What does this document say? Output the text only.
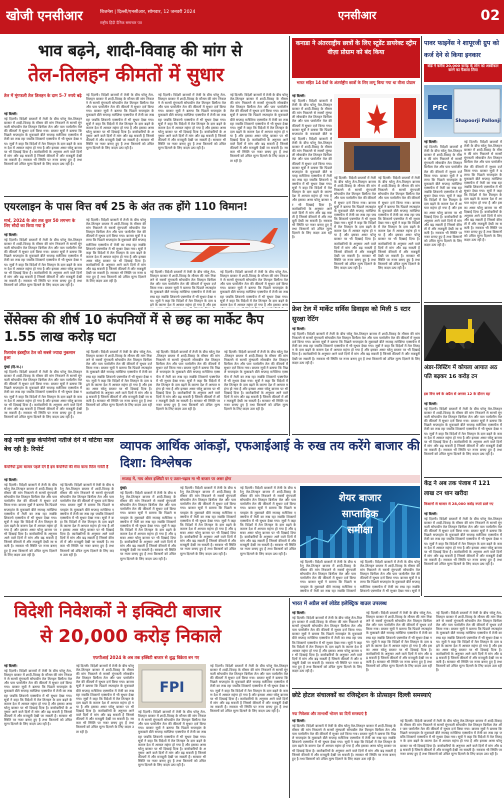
खोजी एनसीआर	बिजनेस | दिल्ली/एनसीआर, सोमवार, 12 जनवरी 2024
राष्ट्रीय हिंदी दैनिक समाचार पत्र
एनसीआर	02
भाव बढ़ने, शादी-विवाह की मांग से
तेल-तिलहन कीमतों में सुधार
तेल में मूंगफली तेल तिलहन के दाम 5-7 रुपये बढ़े
नई दिल्ली।
नई दिल्ली। विदेशी बाजारों में तेजी के बीच घरेलू तेल-तिलहन बाजार में शादी-विवाह के मौसम की मांग निकलने से सरसों मूंगफली सोयाबीन तेल तिलहन बिनौला तेल और पाम पामोलीन तेल की कीमतों में सुधार दर्ज किया गया। बाजार सूत्रों ने बताया कि पिछले सप्ताहांत के मुकाबले बीते सप्ताह मलेशिया एक्सचेंज में तेजी का रुख रहा जबकि शिकागो एक्सचेंज में भी सुधार देखा गया। सूत्रों ने कहा कि विदेशों में तेल तिलहन के दाम बढ़ने के कारण देश में आयात महंगा हो गया है और इसका असर घरेलू बाजार पर भी दिखाई दिया है। कारोबारियों के अनुसार आने वाले दिनों में मांग और बढ़ सकती है जिससे कीमतों में और मजबूती देखी जा सकती है। सरकार भी स्थिति पर नजर बनाए हुए है तथा किसानों को उचित मूल्य दिलाने के लिए कदम उठा रही है।
नई दिल्ली। विदेशी बाजारों में तेजी के बीच घरेलू तेल-तिलहन बाजार में शादी-विवाह के मौसम की मांग निकलने से सरसों मूंगफली सोयाबीन तेल तिलहन बिनौला तेल और पाम पामोलीन तेल की कीमतों में सुधार दर्ज किया गया। बाजार सूत्रों ने बताया कि पिछले सप्ताहांत के मुकाबले बीते सप्ताह मलेशिया एक्सचेंज में तेजी का रुख रहा जबकि शिकागो एक्सचेंज में भी सुधार देखा गया। सूत्रों ने कहा कि विदेशों में तेल तिलहन के दाम बढ़ने के कारण देश में आयात महंगा हो गया है और इसका असर घरेलू बाजार पर भी दिखाई दिया है। कारोबारियों के अनुसार आने वाले दिनों में मांग और बढ़ सकती है जिससे कीमतों में और मजबूती देखी जा सकती है। सरकार भी स्थिति पर नजर बनाए हुए है तथा किसानों को उचित मूल्य दिलाने के लिए कदम उठा रही है।
नई दिल्ली। विदेशी बाजारों में तेजी के बीच घरेलू तेल-तिलहन बाजार में शादी-विवाह के मौसम की मांग निकलने से सरसों मूंगफली सोयाबीन तेल तिलहन बिनौला तेल और पाम पामोलीन तेल की कीमतों में सुधार दर्ज किया गया। बाजार सूत्रों ने बताया कि पिछले सप्ताहांत के मुकाबले बीते सप्ताह मलेशिया एक्सचेंज में तेजी का रुख रहा जबकि शिकागो एक्सचेंज में भी सुधार देखा गया। सूत्रों ने कहा कि विदेशों में तेल तिलहन के दाम बढ़ने के कारण देश में आयात महंगा हो गया है और इसका असर घरेलू बाजार पर भी दिखाई दिया है। कारोबारियों के अनुसार आने वाले दिनों में मांग और बढ़ सकती है जिससे कीमतों में और मजबूती देखी जा सकती है। सरकार भी स्थिति पर नजर बनाए हुए है तथा किसानों को उचित मूल्य दिलाने के लिए कदम उठा रही है।
नई दिल्ली। विदेशी बाजारों में तेजी के बीच घरेलू तेल-तिलहन बाजार में शादी-विवाह के मौसम की मांग निकलने से सरसों मूंगफली सोयाबीन तेल तिलहन बिनौला तेल और पाम पामोलीन तेल की कीमतों में सुधार दर्ज किया गया। बाजार सूत्रों ने बताया कि पिछले सप्ताहांत के मुकाबले बीते सप्ताह मलेशिया एक्सचेंज में तेजी का रुख रहा जबकि शिकागो एक्सचेंज में भी सुधार देखा गया। सूत्रों ने कहा कि विदेशों में तेल तिलहन के दाम बढ़ने के कारण देश में आयात महंगा हो गया है और इसका असर घरेलू बाजार पर भी दिखाई दिया है। कारोबारियों के अनुसार आने वाले दिनों में मांग और बढ़ सकती है जिससे कीमतों में और मजबूती देखी जा सकती है। सरकार भी स्थिति पर नजर बनाए हुए है तथा किसानों को उचित मूल्य दिलाने के लिए कदम उठा रही है।
एयरलाइन के पास वित्त वर्ष 25 के अंत तक होंगे 110 विमान!
मार्च, 2024 के अंत तक कुल 50 लगभग के लिए सौदों का किया गया है
नई दिल्ली।
नई दिल्ली। विदेशी बाजारों में तेजी के बीच घरेलू तेल-तिलहन बाजार में शादी-विवाह के मौसम की मांग निकलने से सरसों मूंगफली सोयाबीन तेल तिलहन बिनौला तेल और पाम पामोलीन तेल की कीमतों में सुधार दर्ज किया गया। बाजार सूत्रों ने बताया कि पिछले सप्ताहांत के मुकाबले बीते सप्ताह मलेशिया एक्सचेंज में तेजी का रुख रहा जबकि शिकागो एक्सचेंज में भी सुधार देखा गया। सूत्रों ने कहा कि विदेशों में तेल तिलहन के दाम बढ़ने के कारण देश में आयात महंगा हो गया है और इसका असर घरेलू बाजार पर भी दिखाई दिया है। कारोबारियों के अनुसार आने वाले दिनों में मांग और बढ़ सकती है जिससे कीमतों में और मजबूती देखी जा सकती है। सरकार भी स्थिति पर नजर बनाए हुए है तथा किसानों को उचित मूल्य दिलाने के लिए कदम उठा रही है।
नई दिल्ली। विदेशी बाजारों में तेजी के बीच घरेलू तेल-तिलहन बाजार में शादी-विवाह के मौसम की मांग निकलने से सरसों मूंगफली सोयाबीन तेल तिलहन बिनौला तेल और पाम पामोलीन तेल की कीमतों में सुधार दर्ज किया गया। बाजार सूत्रों ने बताया कि पिछले सप्ताहांत के मुकाबले बीते सप्ताह मलेशिया एक्सचेंज में तेजी का रुख रहा जबकि शिकागो एक्सचेंज में भी सुधार देखा गया। सूत्रों ने कहा कि विदेशों में तेल तिलहन के दाम बढ़ने के कारण देश में आयात महंगा हो गया है और इसका असर घरेलू बाजार पर भी दिखाई दिया है। कारोबारियों के अनुसार आने वाले दिनों में मांग और बढ़ सकती है जिससे कीमतों में और मजबूती देखी जा सकती है। सरकार भी स्थिति पर नजर बनाए हुए है तथा किसानों को उचित मूल्य दिलाने के लिए कदम उठा रही है।
नई दिल्ली। विदेशी बाजारों में तेजी के बीच घरेलू तेल-तिलहन बाजार में शादी-विवाह के मौसम की मांग निकलने से सरसों मूंगफली सोयाबीन तेल तिलहन बिनौला तेल और पाम पामोलीन तेल की कीमतों में सुधार दर्ज किया गया। बाजार सूत्रों ने बताया कि पिछले सप्ताहांत के मुकाबले बीते सप्ताह मलेशिया एक्सचेंज में तेजी का रुख रहा जबकि शिकागो एक्सचेंज में भी सुधार देखा गया। सूत्रों ने कहा कि विदेशों में तेल तिलहन के दाम बढ़ने के कारण देश में आयात महंगा हो गया है और इस
नई दिल्ली। विदेशी बाजारों में तेजी के बीच घरेलू तेल-तिलहन बाजार में शादी-विवाह के मौसम की मांग निकलने से सरसों मूंगफली सोयाबीन तेल तिलहन बिनौला तेल और पाम पामोलीन तेल की कीमतों में सुधार दर्ज किया गया। बाजार सूत्रों ने बताया कि पिछले सप्ताहांत के मुकाबले बीते सप्ताह मलेशिया एक्सचेंज में तेजी का रुख रहा जबकि शिकागो एक्सचेंज में भी सुधार देखा गया। सूत्रों ने कहा कि विदेशों में तेल तिलहन के दाम बढ़ने के कारण देश में आयात महंगा हो गया है और इसका असर
सेंसेक्स की शीर्ष 10 कंपनियों में से छह का मार्केट कैप 1.55 लाख करोड़ घटा
रिलायंस इंडस्ट्रीज टेल को सबसे ज्यादा नुकसान हुआ
मुंबई (हि.स.)।
नई दिल्ली। विदेशी बाजारों में तेजी के बीच घरेलू तेल-तिलहन बाजार में शादी-विवाह के मौसम की मांग निकलने से सरसों मूंगफली सोयाबीन तेल तिलहन बिनौला तेल और पाम पामोलीन तेल की कीमतों में सुधार दर्ज किया गया। बाजार सूत्रों ने बताया कि पिछले सप्ताहांत के मुकाबले बीते सप्ताह मलेशिया एक्सचेंज में तेजी का रुख रहा जबकि शिकागो एक्सचेंज में भी सुधार देखा गया। सूत्रों ने कहा कि विदेशों में तेल तिलहन के दाम बढ़ने के कारण देश में आयात महंगा हो गया है और इसका असर घरेलू बाजार पर भी दिखाई दिया है। कारोबारियों के अनुसार आने वाले दिनों में मांग और बढ़ सकती है जिससे कीमतों में और मजबूती देखी जा सकती है। सरकार भी स्थिति पर नजर बनाए हुए है तथा किसानों को उचित मूल्य दिलाने के लिए कदम उठा रही है।
नई दिल्ली। विदेशी बाजारों में तेजी के बीच घरेलू तेल-तिलहन बाजार में शादी-विवाह के मौसम की मांग निकलने से सरसों मूंगफली सोयाबीन तेल तिलहन बिनौला तेल और पाम पामोलीन तेल की कीमतों में सुधार दर्ज किया गया। बाजार सूत्रों ने बताया कि पिछले सप्ताहांत के मुकाबले बीते सप्ताह मलेशिया एक्सचेंज में तेजी का रुख रहा जबकि शिकागो एक्सचेंज में भी सुधार देखा गया। सूत्रों ने कहा कि विदेशों में तेल तिलहन के दाम बढ़ने के कारण देश में आयात महंगा हो गया है और इसका असर घरेलू बाजार पर भी दिखाई दिया है। कारोबारियों के अनुसार आने वाले दिनों में मांग और बढ़ सकती है जिससे कीमतों में और मजबूती देखी जा सकती है। सरकार भी स्थिति पर नजर बनाए हुए है तथा किसानों को उचित मूल्य दिलाने के लिए कदम उठा रही है।
नई दिल्ली। विदेशी बाजारों में तेजी के बीच घरेलू तेल-तिलहन बाजार में शादी-विवाह के मौसम की मांग निकलने से सरसों मूंगफली सोयाबीन तेल तिलहन बिनौला तेल और पाम पामोलीन तेल की कीमतों में सुधार दर्ज किया गया। बाजार सूत्रों ने बताया कि पिछले सप्ताहांत के मुकाबले बीते सप्ताह मलेशिया एक्सचेंज में तेजी का रुख रहा जबकि शिकागो एक्सचेंज में भी सुधार देखा गया। सूत्रों ने कहा कि विदेशों में तेल तिलहन के दाम बढ़ने के कारण देश में आयात महंगा हो गया है और इसका असर घरेलू बाजार पर भी दिखाई दिया है। कारोबारियों के अनुसार आने वाले दिनों में मांग और बढ़ सकती है जिससे कीमतों में और मजबूती देखी जा सकती है। सरकार भी स्थिति पर नजर बनाए हुए है तथा किसानों को उचित मूल्य दिलाने के लिए कदम उठा रही है।
नई दिल्ली। विदेशी बाजारों में तेजी के बीच घरेलू तेल-तिलहन बाजार में शादी-विवाह के मौसम की मांग निकलने से सरसों मूंगफली सोयाबीन तेल तिलहन बिनौला तेल और पाम पामोलीन तेल की कीमतों में सुधार दर्ज किया गया। बाजार सूत्रों ने बताया कि पिछले सप्ताहांत के मुकाबले बीते सप्ताह मलेशिया एक्सचेंज में तेजी का रुख रहा जबकि शिकागो एक्सचेंज में भी सुधार देखा गया। सूत्रों ने कहा कि विदेशों में तेल तिलहन के दाम बढ़ने के कारण देश में आयात महंगा हो गया है और इसका असर घरेलू बाजार पर भी दिखाई दिया है। कारोबारियों के अनुसार आने वाले दिनों में मांग और बढ़ सकती है जिससे कीमतों में और मजबूती देखी जा सकती है। सरकार भी स्थिति पर नजर बनाए हुए है तथा किसानों को उचित मूल्य दिलाने के लिए कदम उठा रही है।
कई नामी कुछ कंपनियों नतीजे देने में घटिया माल बेच रही है: रिपोर्ट
कंपनियों द्वारा बाजार पहले देने हैं इस कंपनियों की सेवा वाला रिटेल गारंटी हैं
नई दिल्ली।
नई दिल्ली। विदेशी बाजारों में तेजी के बीच घरेलू तेल-तिलहन बाजार में शादी-विवाह के मौसम की मांग निकलने से सरसों मूंगफली सोयाबीन तेल तिलहन बिनौला तेल और पाम पामोलीन तेल की कीमतों में सुधार दर्ज किया गया। बाजार सूत्रों ने बताया कि पिछले सप्ताहांत के मुकाबले बीते सप्ताह मलेशिया एक्सचेंज में तेजी का रुख रहा जबकि शिकागो एक्सचेंज में भी सुधार देखा गया। सूत्रों ने कहा कि विदेशों में तेल तिलहन के दाम बढ़ने के कारण देश में आयात महंगा हो गया है और इसका असर घरेलू बाजार पर भी दिखाई दिया है। कारोबारियों के अनुसार आने वाले दिनों में मांग और बढ़ सकती है जिससे कीमतों में और मजबूती देखी जा सकती है। सरकार भी स्थिति पर नजर बनाए हुए है तथा किसानों को उचित मूल्य दिलाने के लिए कदम उठा रही है।
नई दिल्ली। विदेशी बाजारों में तेजी के बीच घरेलू तेल-तिलहन बाजार में शादी-विवाह के मौसम की मांग निकलने से सरसों मूंगफली सोयाबीन तेल तिलहन बिनौला तेल और पाम पामोलीन तेल की कीमतों में सुधार दर्ज किया गया। बाजार सूत्रों ने बताया कि पिछले सप्ताहांत के मुकाबले बीते सप्ताह मलेशिया एक्सचेंज में तेजी का रुख रहा जबकि शिकागो एक्सचेंज में भी सुधार देखा गया। सूत्रों ने कहा कि विदेशों में तेल तिलहन के दाम बढ़ने के कारण देश में आयात महंगा हो गया है और इसका असर घरेलू बाजार पर भी दिखाई दिया है। कारोबारियों के अनुसार आने वाले दिनों में मांग और बढ़ सकती है जिससे कीमतों में और मजबूती देखी जा सकती है। सरकार भी स्थिति पर नजर बनाए हुए है तथा किसानों को उचित मूल्य दिलाने के लिए कदम उठा रही है।
व्यापक आर्थिक आंकड़ों, एफआईआई के रुख तय करेंगे बाजार की दिशा: विश्लेषक
सप्ताह में, गाय ओवर इक्विटी पर ए उतार-चढ़ाव मा भी बाजार पर असर होगा
मुंबई।
नई दिल्ली। विदेशी बाजारों में तेजी के बीच घरेलू तेल-तिलहन बाजार में शादी-विवाह के मौसम की मांग निकलने से सरसों मूंगफली सोयाबीन तेल तिलहन बिनौला तेल और पाम पामोलीन तेल की कीमतों में सुधार दर्ज किया गया। बाजार सूत्रों ने बताया कि पिछले सप्ताहांत के मुकाबले बीते सप्ताह मलेशिया एक्सचेंज में तेजी का रुख रहा जबकि शिकागो एक्सचेंज में भी सुधार देखा गया। सूत्रों ने कहा कि विदेशों में तेल तिलहन के दाम बढ़ने के कारण देश में आयात महंगा हो गया है और इसका असर घरेलू बाजार पर भी दिखाई दिया है। कारोबारियों के अनुसार आने वाले दिनों में मांग और बढ़ सकती है जिससे कीमतों में और मजबूती देखी जा सकती है। सरकार भी स्थिति पर नजर बनाए हुए है तथा किसानों को उचित मूल्य दिलाने के लिए कदम उठा रही है।
नई दिल्ली। विदेशी बाजारों में तेजी के बीच घरेलू तेल-तिलहन बाजार में शादी-विवाह के मौसम की मांग निकलने से सरसों मूंगफली सोयाबीन तेल तिलहन बिनौला तेल और पाम पामोलीन तेल की कीमतों में सुधार दर्ज किया गया। बाजार सूत्रों ने बताया कि पिछले सप्ताहांत के मुकाबले बीते सप्ताह मलेशिया एक्सचेंज में तेजी का रुख रहा जबकि शिकागो एक्सचेंज में भी सुधार देखा गया। सूत्रों ने कहा कि विदेशों में तेल तिलहन के दाम बढ़ने के कारण देश में आयात महंगा हो गया है और इसका असर घरेलू बाजार पर भी दिखाई दिया है। कारोबारियों के अनुसार आने वाले दिनों में मांग और बढ़ सकती है जिससे कीमतों में और मजबूती देखी जा सकती है। सरकार भी स्थिति पर नजर बनाए हुए है तथा किसानों को उचित मूल्य दिलाने के लिए कदम उठा रही है।
नई दिल्ली। विदेशी बाजारों में तेजी के बीच घरेलू तेल-तिलहन बाजार में शादी-विवाह के मौसम की मांग निकलने से सरसों मूंगफली सोयाबीन तेल तिलहन बिनौला तेल और पाम पामोलीन तेल की कीमतों में सुधार दर्ज किया गया। बाजार सूत्रों ने बताया कि पिछले सप्ताहांत के मुकाबले बीते सप्ताह मलेशिया एक्सचेंज में तेजी का रुख रहा जबकि शिकागो एक्सचेंज में भी सुधार देखा गया। सूत्रों ने कहा कि विदेशों में तेल तिलहन के दाम बढ़ने के कारण देश में आयात महंगा हो गया है और इसका असर घरेलू बाजार पर भी दिखाई दिया है। कारोबारियों के अनुसार आने वाले दिनों में मांग और बढ़ सकती है जिससे कीमतों में और मजबूती देखी जा सकती है। सरकार भी स्थिति पर नजर बनाए हुए है तथा किसानों को उचित मूल्य दिलाने के लिए कदम उठा रही है।
शेयर बाजार
साप्ताहिक
समीक्षा
नई दिल्ली। विदेशी बाजारों में तेजी के बीच घरेलू तेल-तिलहन बाजार में शादी-विवाह के मौसम की मांग निकलने से सरसों मूंगफली सोयाबीन तेल तिलहन बिनौला तेल और पाम पामोलीन तेल की कीमतों में सुधार दर्ज किया गया। बाजार सूत्रों ने बताया कि पिछले सप्ताहांत के मुकाबले बीते सप्ताह मलेशिया एक्सचेंज में तेजी का रुख रहा जबकि शिकागो
नई दिल्ली। विदेशी बाजारों में तेजी के बीच घरेलू तेल-तिलहन बाजार में शादी-विवाह के मौसम की मांग निकलने से सरसों मूंगफली सोयाबीन तेल तिलहन बिनौला तेल और पाम पामोलीन तेल की कीमतों में सुधार दर्ज किया गया। बाजार सूत्रों ने बताया कि पिछले सप्ताहांत के मुकाबले बीते सप्ताह मलेशिया एक्सचेंज में तेजी का रुख रहा जबकि शिकागो एक्सचेंज में भी सुधार देखा गया। सूत्रों ने
विदेशी निवेशकों ने इक्विटी बाजार
से 20,000 करोड़ निकाले
एफपीआई 2024 के अब तक इक्विटी बाजार से शुद्ध विक्रेता बन गए
नई दिल्ली।
नई दिल्ली। विदेशी बाजारों में तेजी के बीच घरेलू तेल-तिलहन बाजार में शादी-विवाह के मौसम की मांग निकलने से सरसों मूंगफली सोयाबीन तेल तिलहन बिनौला तेल और पाम पामोलीन तेल की कीमतों में सुधार दर्ज किया गया। बाजार सूत्रों ने बताया कि पिछले सप्ताहांत के मुकाबले बीते सप्ताह मलेशिया एक्सचेंज में तेजी का रुख रहा जबकि शिकागो एक्सचेंज में भी सुधार देखा गया। सूत्रों ने कहा कि विदेशों में तेल तिलहन के दाम बढ़ने के कारण देश में आयात महंगा हो गया है और इसका असर घरेलू बाजार पर भी दिखाई दिया है। कारोबारियों के अनुसार आने वाले दिनों में मांग और बढ़ सकती है जिससे कीमतों में और मजबूती देखी जा सकती है। सरकार भी स्थिति पर नजर बनाए हुए है तथा किसानों को उचित मूल्य दिलाने के लिए कदम उठा रही है।
नई दिल्ली। विदेशी बाजारों में तेजी के बीच घरेलू तेल-तिलहन बाजार में शादी-विवाह के मौसम की मांग निकलने से सरसों मूंगफली सोयाबीन तेल तिलहन बिनौला तेल और पाम पामोलीन तेल की कीमतों में सुधार दर्ज किया गया। बाजार सूत्रों ने बताया कि पिछले सप्ताहांत के मुकाबले बीते सप्ताह मलेशिया एक्सचेंज में तेजी का रुख रहा जबकि शिकागो एक्सचेंज में भी सुधार देखा गया। सूत्रों ने कहा कि विदेशों में तेल तिलहन के दाम बढ़ने के कारण देश में आयात महंगा हो गया है और इसका असर घरेलू बाजार पर भी दिखाई दिया है। कारोबारियों के अनुसार आने वाले दिनों में मांग और बढ़ सकती है जिससे कीमतों में और मजबूती देखी जा सकती है। सरकार भी स्थिति पर नजर बनाए हुए है तथा किसानों को उचित मूल्य दिलाने के लिए कदम उठा रही है।
FPI
नई दिल्ली। विदेशी बाजारों में तेजी के बीच घरेलू तेल-तिलहन बाजार में शादी-विवाह के मौसम की मांग निकलने से सरसों मूंगफली सोयाबीन तेल तिलहन बिनौला तेल और पाम पामोलीन तेल की कीमतों में सुधार दर्ज किया गया। बाजार सूत्रों ने बताया कि पिछले सप्ताहांत के मुकाबले बीते सप्ताह मलेशिया एक्सचेंज में तेजी का रुख रहा जबकि शिकागो एक्सचेंज में भी सुधार देखा गया। सूत्रों ने कहा कि विदेशों में तेल तिलहन के दाम बढ़ने के कारण देश में आयात महंगा हो गया है और इसका असर घरेलू बाजार पर भी दिखाई दिया है। कारोबारियों के अनुसार आने वाले दिनों में मांग और बढ़ सकती है जिससे कीमतों में और मजबूती देखी जा सकती है। सरकार भी स्थिति पर नजर बनाए हुए है तथा किसानों को उचित मूल्य दिलाने के लिए कदम उठा रही है।
नई दिल्ली। विदेशी बाजारों में तेजी के बीच घरेलू तेल-तिलहन बाजार में शादी-विवाह के मौसम की मांग निकलने से सरसों मूंगफली सोयाबीन तेल तिलहन बिनौला तेल और पाम पामोलीन तेल की कीमतों में सुधार दर्ज किया गया। बाजार सूत्रों ने बताया कि पिछले सप्ताहांत के मुकाबले बीते सप्ताह मलेशिया एक्सचेंज में तेजी का रुख रहा जबकि शिकागो एक्सचेंज में भी सुधार देखा गया। सूत्रों ने कहा कि विदेशों में तेल तिलहन के दाम बढ़ने के कारण देश में आयात महंगा हो गया है और इसका असर घरेलू बाजार पर भी दिखाई दिया है। कारोबारियों के अनुसार आने वाले दिनों में मांग और बढ़ सकती है जिससे कीमतों में और मजबूती देखी जा सकती है। सरकार भी स्थिति पर नजर बनाए हुए है तथा किसानों को उचित मूल्य दिलाने के लिए कदम उठा रही है।
कनाडा ने अंतरराष्ट्रीय छात्रों के लिए स्टूडेंट डायरेक्ट स्ट्रीम वीज़ा प्रोग्राम को बंद किया
भारत सहित 14 देशों के अंतर्राष्ट्रीय छात्रों के लिए लागू किया गया था वीजा प्रोग्राम
नई दिल्ली।
नई दिल्ली। विदेशी बाजारों में तेजी के बीच घरेलू तेल-तिलहन बाजार में शादी-विवाह के मौसम की मांग निकलने से सरसों मूंगफली सोयाबीन तेल तिलहन बिनौला तेल और पाम पामोलीन तेल की कीमतों में सुधार दर्ज किया गया। बाजार सूत्रों ने बताया कि पिछले सप्ताहांत के मुकाबले बीते स
नई दिल्ली। विदेशी बाजारों में तेजी के बीच घरेलू तेल-तिलहन बाजार में शादी-विवाह के मौसम की मांग निकलने से सरसों मूंगफली सोयाबीन तेल तिलहन बिनौला तेल और पाम पामोलीन तेल की कीमतों में सुधार दर्ज किया गया। बाजार सूत्रों ने बताया कि पिछले सप्ताहांत के मुकाबले बीते सप्ताह मलेशिया एक्सचेंज में तेजी का रुख रहा जबकि शिकागो एक्सचेंज में भी सुधार देखा गया। सूत्रों ने कहा कि विदेशों में तेल तिलहन के दाम बढ़ने के कारण देश में आयात महंगा हो गया है और इसका असर घरेलू बाजार पर भी दिखाई दिया है। कारोबारियों के अनुसार आने वाले दिनों में मांग और बढ़ सकती है जिससे कीमतों में और मजबूती देखी जा सकती है। सरकार भी स्थिति पर नजर बनाए हुए है तथा किसानों को उचित मूल्य दिलाने के लिए कदम उठा रही है।
नई दिल्ली। विदेशी बाजारों में तेजी के बीच घरेलू तेल-तिलहन बाजार में शादी-विवाह के मौसम की मांग निकलने से सरसों मूंगफली सोयाबीन तेल तिलहन बिनौला तेल और पाम पामोलीन तेल की कीमतों में सुधार दर्ज किया गया। बाजार सूत्रों ने बताया कि पिछले सप्ताहांत के मुकाबले बीते सप्ताह मलेशिया एक्सचेंज में तेजी का रुख रहा जबकि शिकागो एक्सचेंज में भी सुधार देखा गया। सूत्रों ने कहा कि विदेशों में तेल तिलहन के दाम बढ़ने के कारण देश में आयात महंगा हो गया है और इसका असर घरेलू बाजार पर भी दिखाई दिया है। कारोबारियों के अनुसार आने वाले दिनों में मांग और बढ़ सकती है जिससे कीमतों में और मजबूती देखी जा सकती है। सरकार भी स्थिति पर नजर बनाए हुए है तथा किसानों को उचित मूल्य दिलाने के लिए कदम उठा रही है।
नई दिल्ली। विदेशी बाजारों में तेजी के बीच घरेलू तेल-तिलहन बाजार में शादी-विवाह के मौसम की मांग निकलने से सरसों मूंगफली सोयाबीन तेल तिलहन बिनौला तेल और पाम पामोलीन तेल की कीमतों में सुधार दर्ज किया गया। बाजार सूत्रों ने बताया कि पिछले सप्ताहांत के मुकाबले बीते सप्ताह मलेशिया एक्सचेंज में तेजी का रुख रहा जबकि शिकागो एक्सचेंज में भी सुधार देखा गया। सूत्रों ने कहा कि विदेशों में तेल तिलहन के दाम बढ़ने के कारण देश में आयात महंगा हो गया है और इसका असर घरेलू बाजार पर भी दिखाई दिया है। कारोबारियों के अनुसार आने वाले दिनों में मांग और बढ़ सकती है जिससे कीमतों में और मजबूती देखी जा सकती है। सरकार भी स्थिति पर नजर बनाए हुए है तथा किसानों को उचित मूल्य दिलाने के लिए कदम उठा रही है।
फ्रेश टेल में मार्केट सर्विस डिवाइस को मिली 5 स्टार सुरक्षा रेटिंग
नई दिल्ली।
नई दिल्ली। विदेशी बाजारों में तेजी के बीच घरेलू तेल-तिलहन बाजार में शादी-विवाह के मौसम की मांग निकलने से सरसों मूंगफली सोयाबीन तेल तिलहन बिनौला तेल और पाम पामोलीन तेल की कीमतों में सुधार दर्ज किया गया। बाजार सूत्रों ने बताया कि पिछले सप्ताहांत के मुकाबले बीते सप्ताह मलेशिया एक्सचेंज में तेजी का रुख रहा जबकि शिकागो एक्सचेंज में भी सुधार देखा गया। सूत्रों ने कहा कि विदेशों में तेल तिलहन के दाम बढ़ने के कारण देश में आयात महंगा हो गया है और इसका असर घरेलू बाजार पर भी दिखाई दिया है। कारोबारियों के अनुसार आने वाले दिनों में मांग और बढ़ सकती है जिससे कीमतों में और मजबूती देखी जा सकती है। सरकार भी स्थिति पर नजर बनाए हुए है तथा किसानों को उचित मूल्य दिलाने के लिए कदम उठा रही है।
पावर फाइनेंस ने शापूरजी ग्रुप को
कर्ज देने से किया इनकार
बोर्ड ने करीब 20,000 करोड़ के लोन को अस्वीकार करने का फैसला लिया
PFC
Shapoorji Pallonji
नई दिल्ली।
नई दिल्ली। विदेशी बाजारों में तेजी के बीच घरेलू तेल-तिलहन बाजार में शादी-विवाह के मौसम की मांग निकलने से सरसों मूंगफली सोयाबीन तेल तिलहन बिनौला तेल और पाम पामोलीन तेल की कीमतों में सुधार दर्ज किया गया। बाजार सूत्रों ने बताया कि पिछले सप्ताहांत के मुकाबले बीते सप्ताह मलेशिया एक्सचेंज में तेजी का रुख रहा जबकि शिकागो एक्सचेंज में भी सुधार देखा गया। सूत्रों ने कहा कि विदेशों में तेल तिलहन के दाम बढ़ने के कारण देश में आयात महंगा हो गया है और इसका असर घरेलू बाजार पर भी दिखाई दिया है। कारोबारियों के अनुसार आने वाले दिनों में मांग और बढ़ सकती है जिससे कीमतों में और मजबूती देखी जा सकती है। सरकार भी स्थिति पर नजर बनाए हुए है तथा किसानों को उचित मूल्य दिलाने के लिए कदम उठा रही है।
नई दिल्ली। विदेशी बाजारों में तेजी के बीच घरेलू तेल-तिलहन बाजार में शादी-विवाह के मौसम की मांग निकलने से सरसों मूंगफली सोयाबीन तेल तिलहन बिनौला तेल और पाम पामोलीन तेल की कीमतों में सुधार दर्ज किया गया। बाजार सूत्रों ने बताया कि पिछले सप्ताहांत के मुकाबले बीते सप्ताह मलेशिया एक्सचेंज में तेजी का रुख रहा जबकि शिकागो एक्सचेंज में भी सुधार देखा गया। सूत्रों ने कहा कि विदेशों में तेल तिलहन के दाम बढ़ने के कारण देश में आयात महंगा हो गया है और इसका असर घरेलू बाजार पर भी दिखाई दिया है। कारोबारियों के अनुसार आने वाले दिनों में मांग और बढ़ सकती है जिससे कीमतों में और मजबूती देखी जा सकती है। सरकार भी स्थिति पर नजर बनाए हुए है तथा किसानों को उचित मूल्य दिलाने के लिए कदम उठा रही है।
अंडर-लिस्टिंग में कोयला आयात अठ पति बढ़कर 16 करोड़ टन
इस वित्त वर्ष के अप्रैल से अगस्त 12 के दौरान रहा
नई दिल्ली।
नई दिल्ली। विदेशी बाजारों में तेजी के बीच घरेलू तेल-तिलहन बाजार में शादी-विवाह के मौसम की मांग निकलने से सरसों मूंगफली सोयाबीन तेल तिलहन बिनौला तेल और पाम पामोलीन तेल की कीमतों में सुधार दर्ज किया गया। बाजार सूत्रों ने बताया कि पिछले सप्ताहांत के मुकाबले बीते सप्ताह मलेशिया एक्सचेंज में तेजी का रुख रहा जबकि शिकागो एक्सचेंज में भी सुधार देखा गया। सूत्रों ने कहा कि विदेशों में तेल तिलहन के दाम बढ़ने के कारण देश में आयात महंगा हो गया है और इसका असर घरेलू बाजार पर भी दिखाई दिया है। कारोबारियों के अनुसार आने वाले दिनों में मांग और बढ़ सकती है जिससे कीमतों में और मजबूती देखी जा सकती है। सरकार भी स्थिति पर नजर बनाए हुए है तथा किसानों को उचित मूल्य दिलाने के लिए कदम उठा रही है।
केंद्र ने अब तक पंजाब में 121 लाख टन धान खरीदा
किसानों से बाजार से 28,000 करोड़ रुपये डाले गए
नई दिल्ली।
नई दिल्ली। विदेशी बाजारों में तेजी के बीच घरेलू तेल-तिलहन बाजार में शादी-विवाह के मौसम की मांग निकलने से सरसों मूंगफली सोयाबीन तेल तिलहन बिनौला तेल और पाम पामोलीन तेल की कीमतों में सुधार दर्ज किया गया। बाजार सूत्रों ने बताया कि पिछले सप्ताहांत के मुकाबले बीते सप्ताह मलेशिया एक्सचेंज में तेजी का रुख रहा जबकि शिकागो एक्सचेंज में भी सुधार देखा गया। सूत्रों ने कहा कि विदेशों में तेल तिलहन के दाम बढ़ने के कारण देश में आयात महंगा हो गया है और इसका असर घरेलू बाजार पर भी दिखाई दिया है। कारोबारियों के अनुसार आने वाले दिनों में मांग और बढ़ सकती है जिससे कीमतों में और मजबूती देखी जा सकती है। सरकार भी स्थिति पर नजर बनाए हुए है तथा किसानों को उचित मूल्य दिलाने के लिए कदम उठा रही है।
भारत में अप्रैल सर्व लोडेड इलेक्ट्रिक बाउल उपलब्ध
नई दिल्ली।
नई दिल्ली। विदेशी बाजारों में तेजी के बीच घरेलू तेल-तिलहन बाजार में शादी-विवाह के मौसम की मांग निकलने से सरसों मूंगफली सोयाबीन तेल तिलहन बिनौला तेल और पाम पामोलीन तेल की कीमतों में सुधार दर्ज किया गया। बाजार सूत्रों ने बताया कि पिछले सप्ताहांत के मुकाबले बीते सप्ताह मलेशिया एक्सचेंज में तेजी का रुख रहा जबकि शिकागो एक्सचेंज में भी सुधार देखा गया। सूत्रों ने कहा कि विदेशों में तेल तिलहन के दाम बढ़ने के कारण देश में आयात महंगा हो गया है और इसका असर घरेलू बाजार पर भी दिखाई दिया है। कारोबारियों के अनुसार आने वाले दिनों में मांग और बढ़ सकती है जिससे कीमतों में और मजबूती देखी जा सकती है। सरकार भी स्थिति पर नजर बनाए हुए है तथा किसानों को उचित मूल्य दिलाने के लिए कदम उठा रही है।
नई दिल्ली। विदेशी बाजारों में तेजी के बीच घरेलू तेल-तिलहन बाजार में शादी-विवाह के मौसम की मांग निकलने से सरसों मूंगफली सोयाबीन तेल तिलहन बिनौला तेल और पाम पामोलीन तेल की कीमतों में सुधार दर्ज किया गया। बाजार सूत्रों ने बताया कि पिछले सप्ताहांत के मुकाबले बीते सप्ताह मलेशिया एक्सचेंज में तेजी का रुख रहा जबकि शिकागो एक्सचेंज में भी सुधार देखा गया। सूत्रों ने कहा कि विदेशों में तेल तिलहन के दाम बढ़ने के कारण देश में आयात महंगा हो गया है और इसका असर घरेलू बाजार पर भी दिखाई दिया है। कारोबारियों के अनुसार आने वाले दिनों में मांग और बढ़ सकती है जिससे कीमतों में और मजबूती देखी जा सकती है। सरकार भी स्थिति पर नजर बनाए हुए है तथा किसानों को उचित मूल्य दिलाने के लिए कदम उठा रही है।
नई दिल्ली। विदेशी बाजारों में तेजी के बीच घरेलू तेल-तिलहन बाजार में शादी-विवाह के मौसम की मांग निकलने से सरसों मूंगफली सोयाबीन तेल तिलहन बिनौला तेल और पाम पामोलीन तेल की कीमतों में सुधार दर्ज किया गया। बाजार सूत्रों ने बताया कि पिछले सप्ताहांत के मुकाबले बीते सप्ताह मलेशिया एक्सचेंज में तेजी का रुख रहा जबकि शिकागो एक्सचेंज में भी सुधार देखा गया। सूत्रों ने कहा कि विदेशों में तेल तिलहन के दाम बढ़ने के कारण देश में आयात महंगा हो गया है और इसका असर घरेलू बाजार पर भी दिखाई दिया है। कारोबारियों के अनुसार आने वाले दिनों में मांग और बढ़ सकती है जिससे कीमतों में और मजबूती देखी जा सकती है। सरकार भी स्थिति पर नजर बनाए हुए है तथा किसानों को उचित मूल्य दिलाने के लिए कदम उठा रही है।
छोटे होटल संचालकों का रजिस्ट्रेशन के प्रोत्साहन दिल्ली समस्याएं
नया निवेशक और लाभार्थी भोजन का दिनों समस्याएं है
नई दिल्ली।
नई दिल्ली। विदेशी बाजारों में तेजी के बीच घरेलू तेल-तिलहन बाजार में शादी-विवाह के मौसम की मांग निकलने से सरसों मूंगफली सोयाबीन तेल तिलहन बिनौला तेल और पाम पामोलीन तेल की कीमतों में सुधार दर्ज किया गया। बाजार सूत्रों ने बताया कि पिछले सप्ताहांत के मुकाबले बीते सप्ताह मलेशिया एक्सचेंज में तेजी का रुख रहा जबकि शिकागो एक्सचेंज में भी सुधार देखा गया। सूत्रों ने कहा कि विदेशों में तेल तिलहन के दाम बढ़ने के कारण देश में आयात महंगा हो गया है और इसका असर घरेलू बाजार पर भी दिखाई दिया है। कारोबारियों के अनुसार आने वाले दिनों में मांग और बढ़ सकती है जिससे कीमतों में और मजबूती देखी जा सकती है। सरकार भी स्थिति पर नजर बनाए हुए है तथा किसानों को उचित मूल्य दिलाने के लिए कदम उठा रही है।
नई दिल्ली। विदेशी बाजारों में तेजी के बीच घरेलू तेल-तिलहन बाजार में शादी-विवाह के मौसम की मांग निकलने से सरसों मूंगफली सोयाबीन तेल तिलहन बिनौला तेल और पाम पामोलीन तेल की कीमतों में सुधार दर्ज किया गया। बाजार सूत्रों ने बताया कि पिछले सप्ताहांत के मुकाबले बीते सप्ताह मलेशिया एक्सचेंज में तेजी का रुख रहा जबकि शिकागो एक्सचेंज में भी सुधार देखा गया। सूत्रों ने कहा कि विदेशों में तेल तिलहन के दाम बढ़ने के कारण देश में आयात महंगा हो गया है और इसका असर घरेलू बाजार पर भी दिखाई दिया है। कारोबारियों के अनुसार आने वाले दिनों में मांग और बढ़ सकती है जिससे कीमतों में और मजबूती देखी जा सकती है। सरकार भी स्थिति पर नजर बनाए हुए है तथा किसानों को उचित मूल्य दिलाने के लिए कदम उठा रही है।
